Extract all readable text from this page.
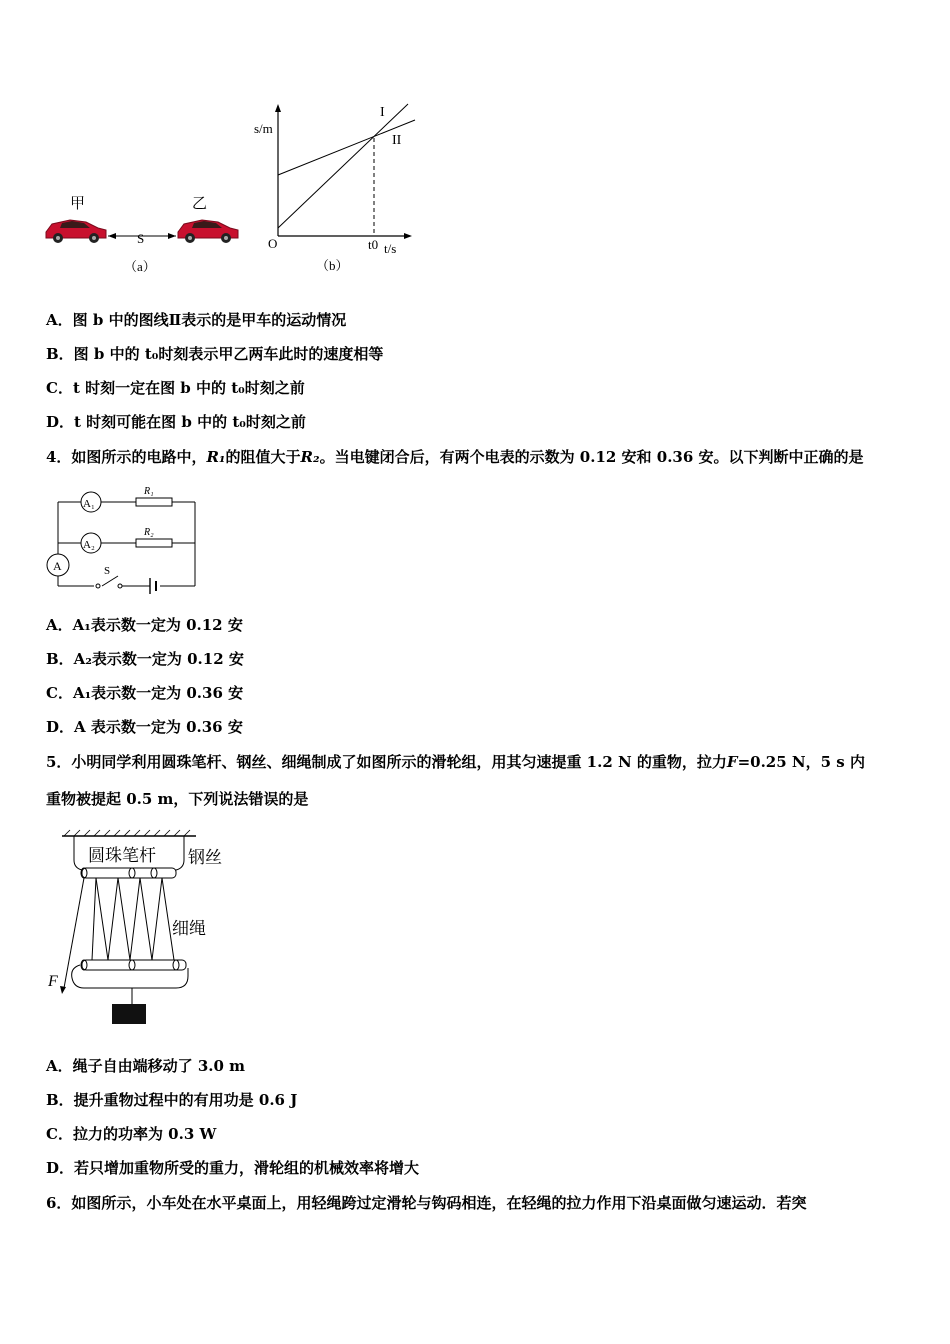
甲	乙
S
（a）
s/m
t/s
O	t0
I
II
（b）
A．图 b 中的图线Ⅱ表示的是甲车的运动情况
B．图 b 中的 t₀时刻表示甲乙两车此时的速度相等
C．t 时刻一定在图 b 中的 t₀时刻之前
D．t 时刻可能在图 b 中的 t₀时刻之前
4．如图所示的电路中，R₁的阻值大于R₂。当电键闭合后，有两个电表的示数为 0.12 安和 0.36 安。以下判断中正确的是
A₁
A₂
A
R₁
R₂
S
A．A₁表示数一定为 0.12 安
B．A₂表示数一定为 0.12 安
C．A₁表示数一定为 0.36 安
D．A 表示数一定为 0.36 安
5．小明同学利用圆珠笔杆、钢丝、细绳制成了如图所示的滑轮组，用其匀速提重 1.2 N 的重物，拉力F=0.25 N，5 s 内
重物被提起 0.5 m，下列说法错误的是
圆珠笔杆 钢丝
细绳
F
A．绳子自由端移动了 3.0 m
B．提升重物过程中的有用功是 0.6 J
C．拉力的功率为 0.3 W
D．若只增加重物所受的重力，滑轮组的机械效率将增大
6．如图所示，小车处在水平桌面上，用轻绳跨过定滑轮与钩码相连，在轻绳的拉力作用下沿桌面做匀速运动．若突
